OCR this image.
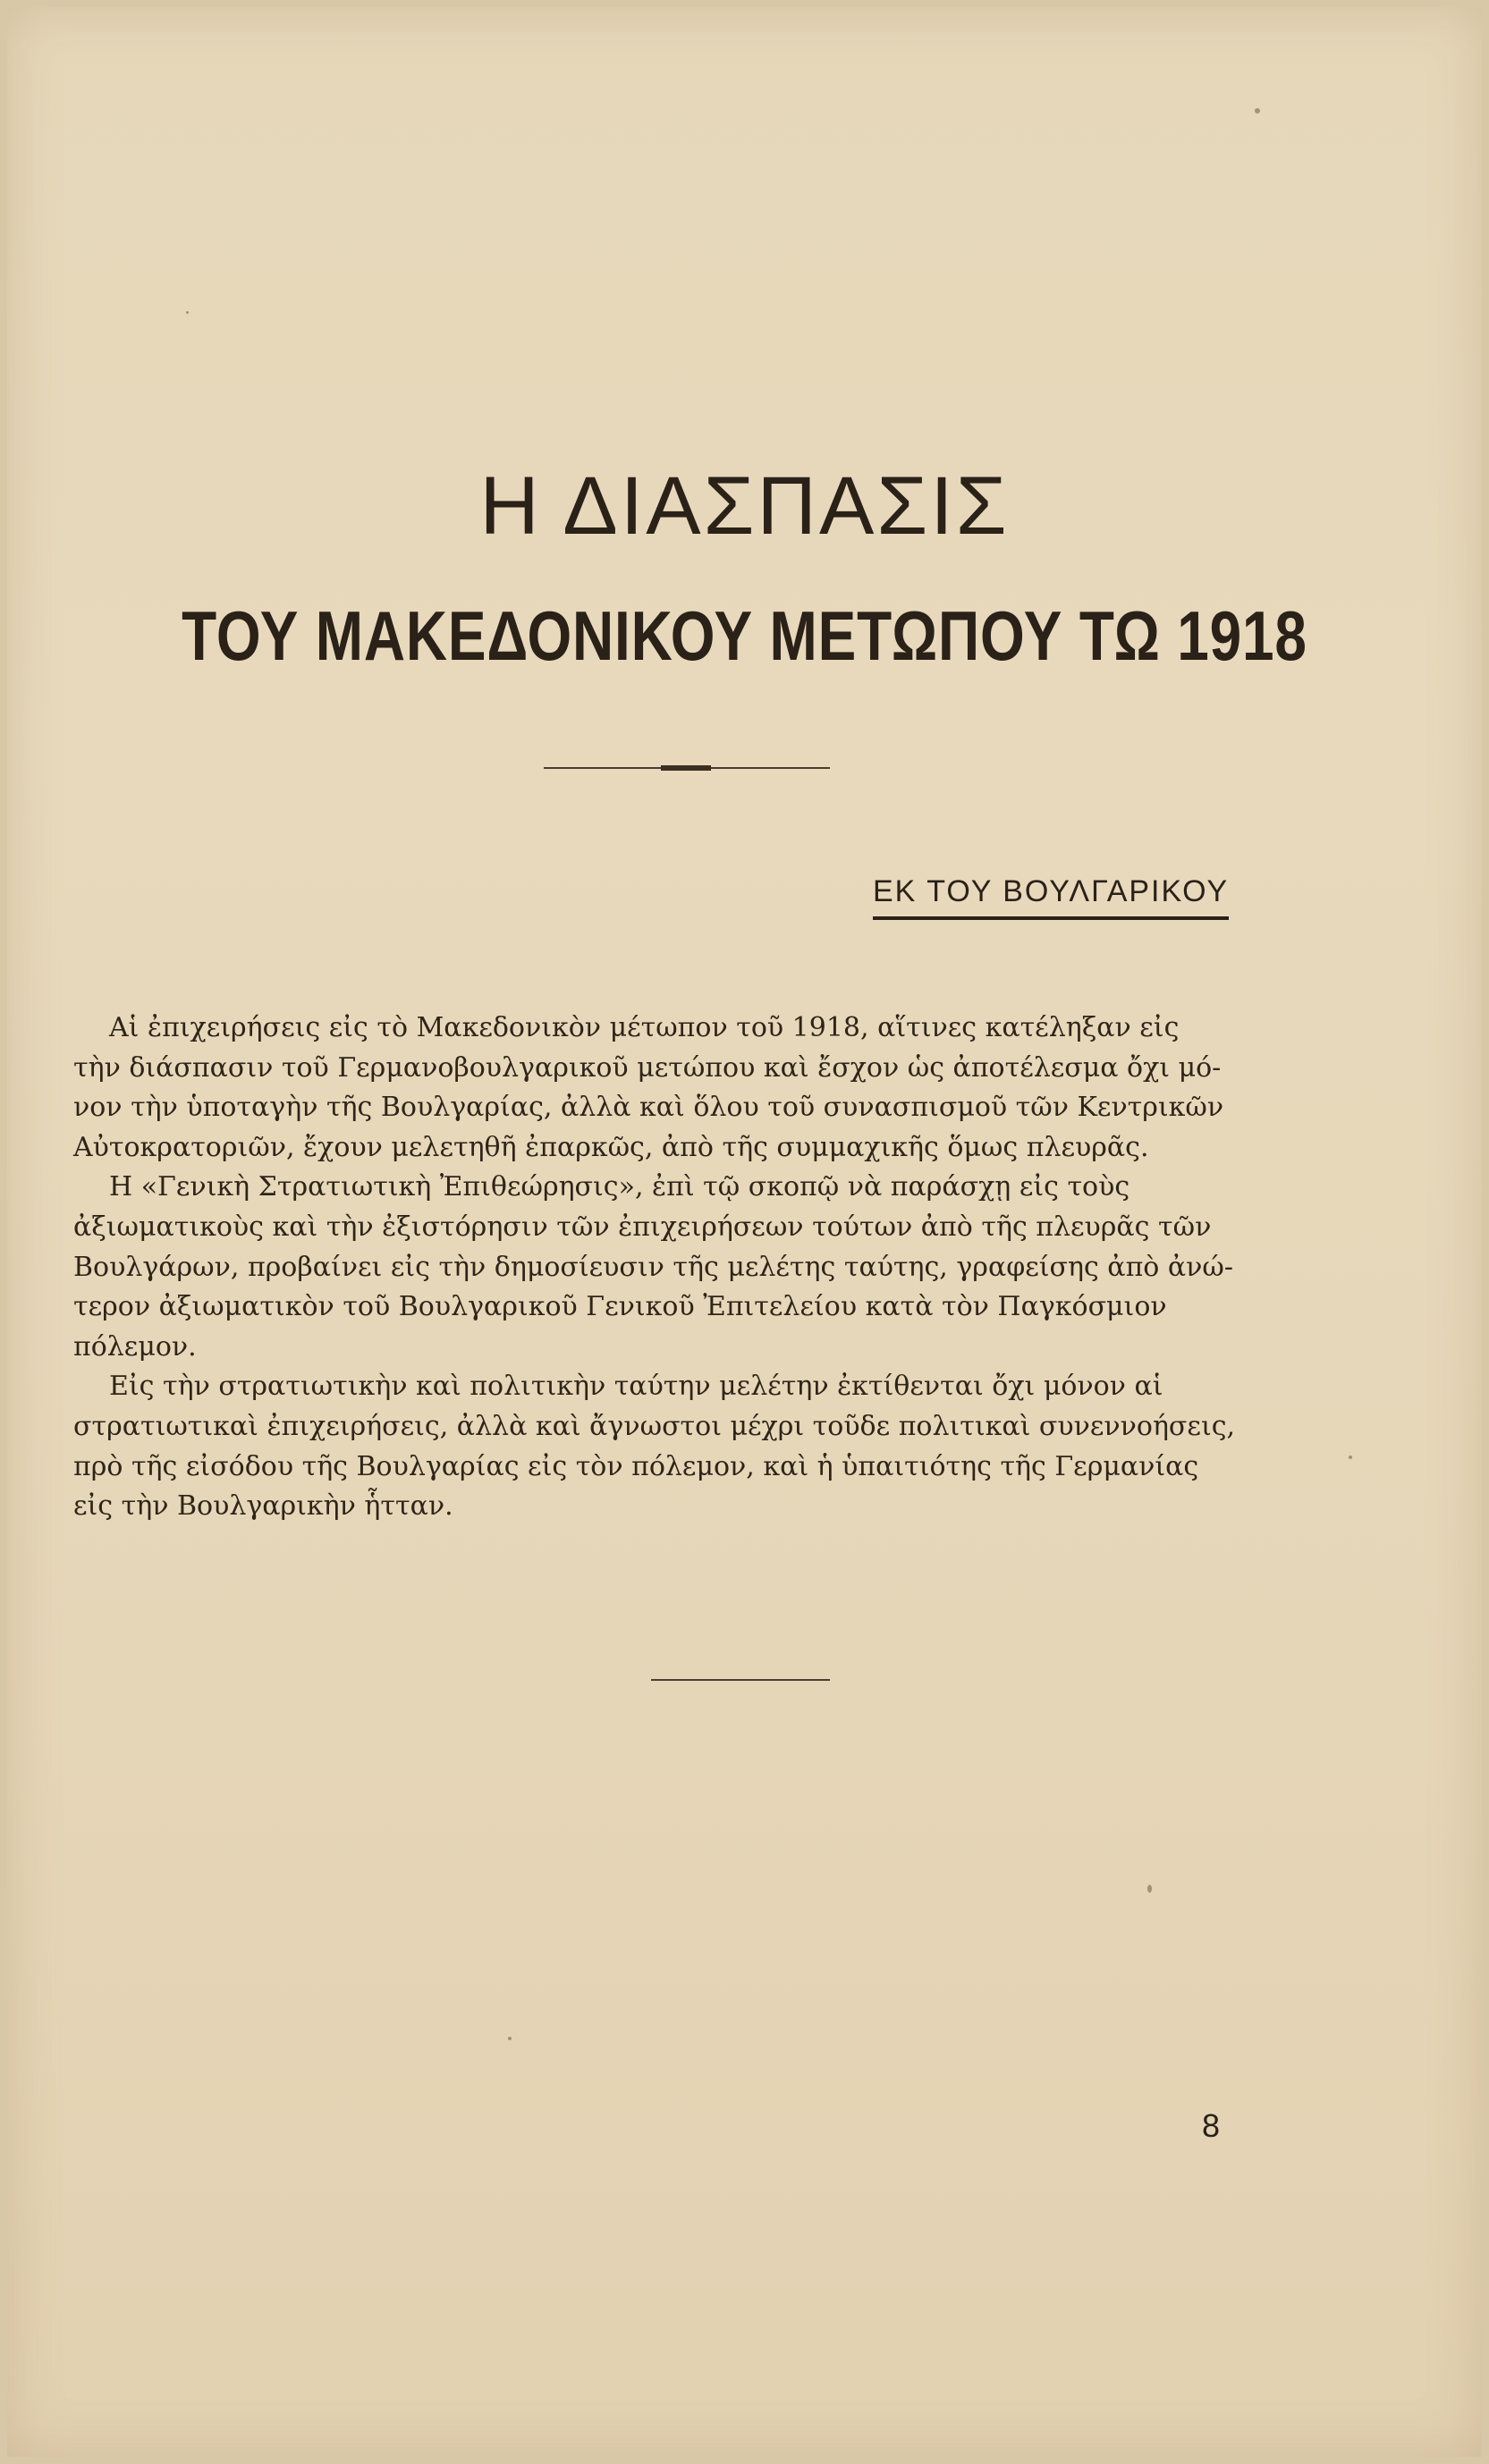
Η ΔΙΑΣΠΑΣΙΣ
ΤΟΥ ΜΑΚΕΔΟΝΙΚΟΥ ΜΕΤΩΠΟΥ ΤΩ 1918
ΕΚ ΤΟΥ ΒΟΥΛΓΑΡΙΚΟΥ
Αἱ ἐπιχειρήσεις εἰς τὸ Μακεδονικὸν μέτωπον τοῦ 1918, αἵτινες κατέληξαν εἰς
τὴν διάσπασιν τοῦ Γερμανοβουλγαρικοῦ μετώπου καὶ ἔσχον ὡς ἀποτέλεσμα ὄχι μό-
νον τὴν ὑποταγὴν τῆς Βουλγαρίας, ἀλλὰ καὶ ὅλου τοῦ συνασπισμοῦ τῶν Κεντρικῶν
Αὐτοκρατοριῶν, ἔχουν μελετηθῆ ἐπαρκῶς, ἀπὸ τῆς συμμαχικῆς ὅμως πλευρᾶς.
Η «Γενικὴ Στρατιωτικὴ Ἐπιθεώρησις», ἐπὶ τῷ σκοπῷ νὰ παράσχῃ εἰς τοὺς
ἀξιωματικοὺς καὶ τὴν ἐξιστόρησιν τῶν ἐπιχειρήσεων τούτων ἀπὸ τῆς πλευρᾶς τῶν
Βουλγάρων, προβαίνει εἰς τὴν δημοσίευσιν τῆς μελέτης ταύτης, γραφείσης ἀπὸ ἀνώ-
τερον ἀξιωματικὸν τοῦ Βουλγαρικοῦ Γενικοῦ Ἐπιτελείου κατὰ τὸν Παγκόσμιον
πόλεμον.
Εἰς τὴν στρατιωτικὴν καὶ πολιτικὴν ταύτην μελέτην ἐκτίθενται ὄχι μόνον αἱ
στρατιωτικαὶ ἐπιχειρήσεις, ἀλλὰ καὶ ἄγνωστοι μέχρι τοῦδε πολιτικαὶ συνεννοήσεις,
πρὸ τῆς εἰσόδου τῆς Βουλγαρίας εἰς τὸν πόλεμον, καὶ ἡ ὑπαιτιότης τῆς Γερμανίας
εἰς τὴν Βουλγαρικὴν ἧτταν.
8
